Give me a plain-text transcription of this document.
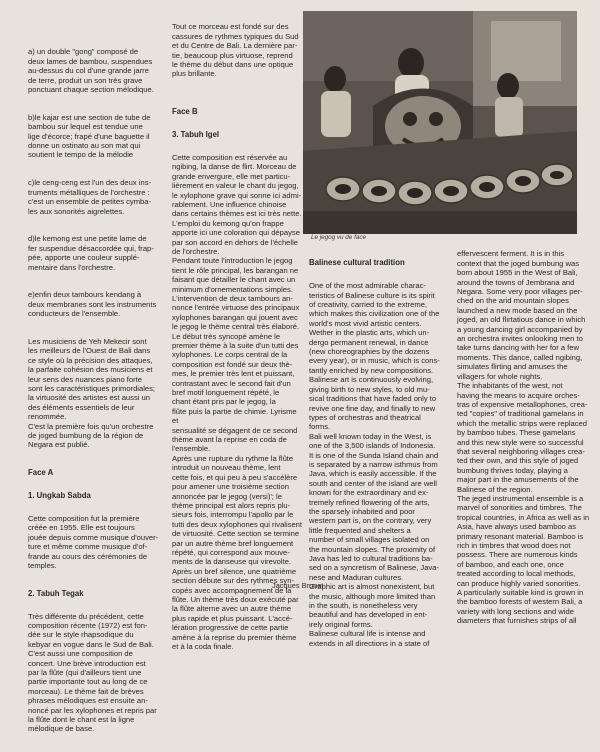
a) un double "gong" composé de
deux lames de bambou, suspendues
au-dessus du col d'une grande jarre
de terre, produit un son très grave
ponctuant chaque section mélodique.

b)le kajar est une section de tube de
bambou sur lequel est tendue une
lige d'écorce; frapé d'une baguette il
donne un ostinato au son mat qui
soutient le tempo de la mélodie

c)le ceng-ceng est l'un des deux ins-
truments métalliques de l'orchestre :
c'est un ensemble de petites cymba-
les aux sonorités aigrelettes.

d)le kemong est une petite lame de
fer suspendue désaccordée qui, frap-
pée, apporte une couleur supplé-
mentaire dans l'orchestre.

e)enfin deux tambours kendang à
deux membranes sont les instruments
conducteurs de l'ensemble.

Les musiciens de Yeh Mekecir sont
les meilleurs de l'Ouest de Bali dans
ce style où la précision des attaques,
la parfaite cohésion des musiciens et
leur sens des nuances piano forte
sont les caractéristiques primordiales;
la virtuosité des artistes est aussi un
des éléments essentiels de leur
renommée.
C'est la première fois qu'un orchestre
de joged bumbung de la région de
Negara est publié.

Face A

1. Ungkab Sabda

Cette composition fut la première
créée en 1955. Elle est toujours
jouée depuis comme musique d'ouver-
ture et même comme musique d'of-
frande au cours des cérémonies de
temples.

2. Tabuh Tegak

Très différente du précédent, cette
composition récente (1972) est fon-
dée sur le style rhapsodique du
kebyar en vogue dans le Sud de Bali.
C'est aussi une composition de
concert. Une brève introduction est
par la flûte (qui d'ailleurs tient une
partie importante tout au long de ce
morceau). Le thème fait de brèves
phrases mélodiques est ensuite an-
noncé par les xylophones et repris par
la flûte dont le chant est la ligne
mélodique de base.

Tout ce morceau est fondé sur des
cassures de rythmes typiques du Sud
et du Centre de Bali. La dernière par-
tie, beaucoup plus virtuose, reprend
le thème du début dans une optique
plus brillante.

Face B

3. Tabuh Igel

Cette composition est réservée au
ngibing, la danse de flirt. Morceau de
grande envergure, elle met particu-
lièrement en valeur le chant du jegog,
le xylophone grave qui sonne ici admi-
rablement. Une influence chinoise
dans certains thèmes est ici très nette.
L'emploi du kemong qu'on frappe
apporte ici une coloration qui dépayse
par son accord en dehors de l'échelle
de l'orchestre.
Pendant toute l'introduction le jegog
tient le rôle principal, les barangan ne
faisant que détailler le chant avec un
minimum d'ornementations simples.
L'intervention de deux tambours an-
nonce l'entrée virtuose des principaux
xylophones barangan qui jouent avec
le jegog le thème central très élaboré.
Le début très syncopé amène le
premier thème à la suite d'un tutti des
xylophones. Le corps central de la
composition est fondé sur deux thè-
mes, le premier très lent et puissant,
contrastant avec le second fait d'un
bref motif longuement répété, le
chant étant pris par le jegog, la
flûte puis la partie de chimie. Lyrisme et
sensualité se dégagent de ce second
thème avant la reprise en coda de
l'ensemble.
Après une rupture du rythme la flûte
introduit un nouveau thème, lent
cette fois, et qui peu à peu s'accélère
pour amener une troisième section
annoncée par le jegog (versi)'; le
thème principal est alors repris plu-
sieurs fois, interrompu l'apollo par le
tutti des deux xylophones qui rivalisent
de virtuosité. Cette section se termine
par un autre thème bref longuement
répété, qui correspond aux mouve-
ments de la danseuse qui virevolte.
Après un bref silence, une quatrième
section débute sur des rythmes syn-
copés avec accompagnement de la
flûte. Un thème très doux exécuté par
la flûte alterne avec un autre thème
plus rapide et plus puissant. L'accé-
lération progressive de cette partie
amène à la reprise du premier thème
et à la coda finale.

Jacques Brunet
Le jegog vu de face

Balinese cultural tradition

One of the most admirable charac-
teristics of Balinese culture is its spirit
of creativity, carried to the extreme,
which makes this civilization one of the
world's most vivid artistic centers.
Wether in the plastic arts, which un-
dergo permanent renewal, in dance
(new choreographies by the dozens
every year), or in music, which is cons-
tantly enriched by new compositions.
Balinese art is continuously evolving,
giving birth to new styles, to old mu-
sical traditions that have faded only to
revive one fine day, and finally to new
types of orchestras and theatrical
forms.
Bali well known today in the West, is
one of the 3,500 islands of Indonesia.
It is one of the Sunda Island chain and
is separated by a narrow isthmus from
Java, which is easily accessible. If the
south and center of the island are well
known for the extraordinary and ex-
tremely refined flowering of the arts,
the sparsely inhabited and poor
western part is, on the contrary, very
little frequented and shelters a
number of small villages isolated on
the mountain slopes. The proximity of
Java has led to cultural traditions ba-
sed on a syncretism of Balinese, Java-
nese and Maduran cultures.
Graphic art is almost nonexistent, but
the music, although more limited than
in the south, is nonetheless very
beautiful and has developed in ent-
irely original forms.
Balinese cultural life is intense and
extends in all directions in a state of

effervescent ferment. It is in this
context that the joged bumbung was
born about 1955 in the West of Bali,
around the towns of Jembrana and
Negara. Some very poor villages per-
ched on the arid mountain slopes
launched a new mode based on the
joged, an old flirtatious dance in which
a young dancing girl accompanied by
an orchestra invites onlooking men to
take turns dancing with her for a few
moments. This dance, called ngibing,
simulates flirting and amuses the
villagers for whole nights.
The inhabitants of the west, not
having the means to acquire orches-
tras of expensive metallophones, crea-
ted "copies" of traditional gamelans in
which the metallic strips were replaced
by bamboo tubes. These gamelans
and this new style were so successful
that several neighboring villages crea-
ted their own, and this style of joged
bumbung thrives today, playing a
major part in the amusements of the
Balinese of the region.
The jeged instrumental ensemble is a
marvel of sonorities and timbres. The
tropical countries, in Africa as well as in
Asia, have always used bamboo as
primary resonant material. Bamboo is
rich in timbres that wood does not
possess. There are numerous kinds
of bamboo, and each one, once
treated according to local methods,
can produce highly varied sonorities.
A particularly suitable kind is grown in
the bamboo forests of western Bali, a
variety with long sections and wide
diameters that furnishes strips of all
